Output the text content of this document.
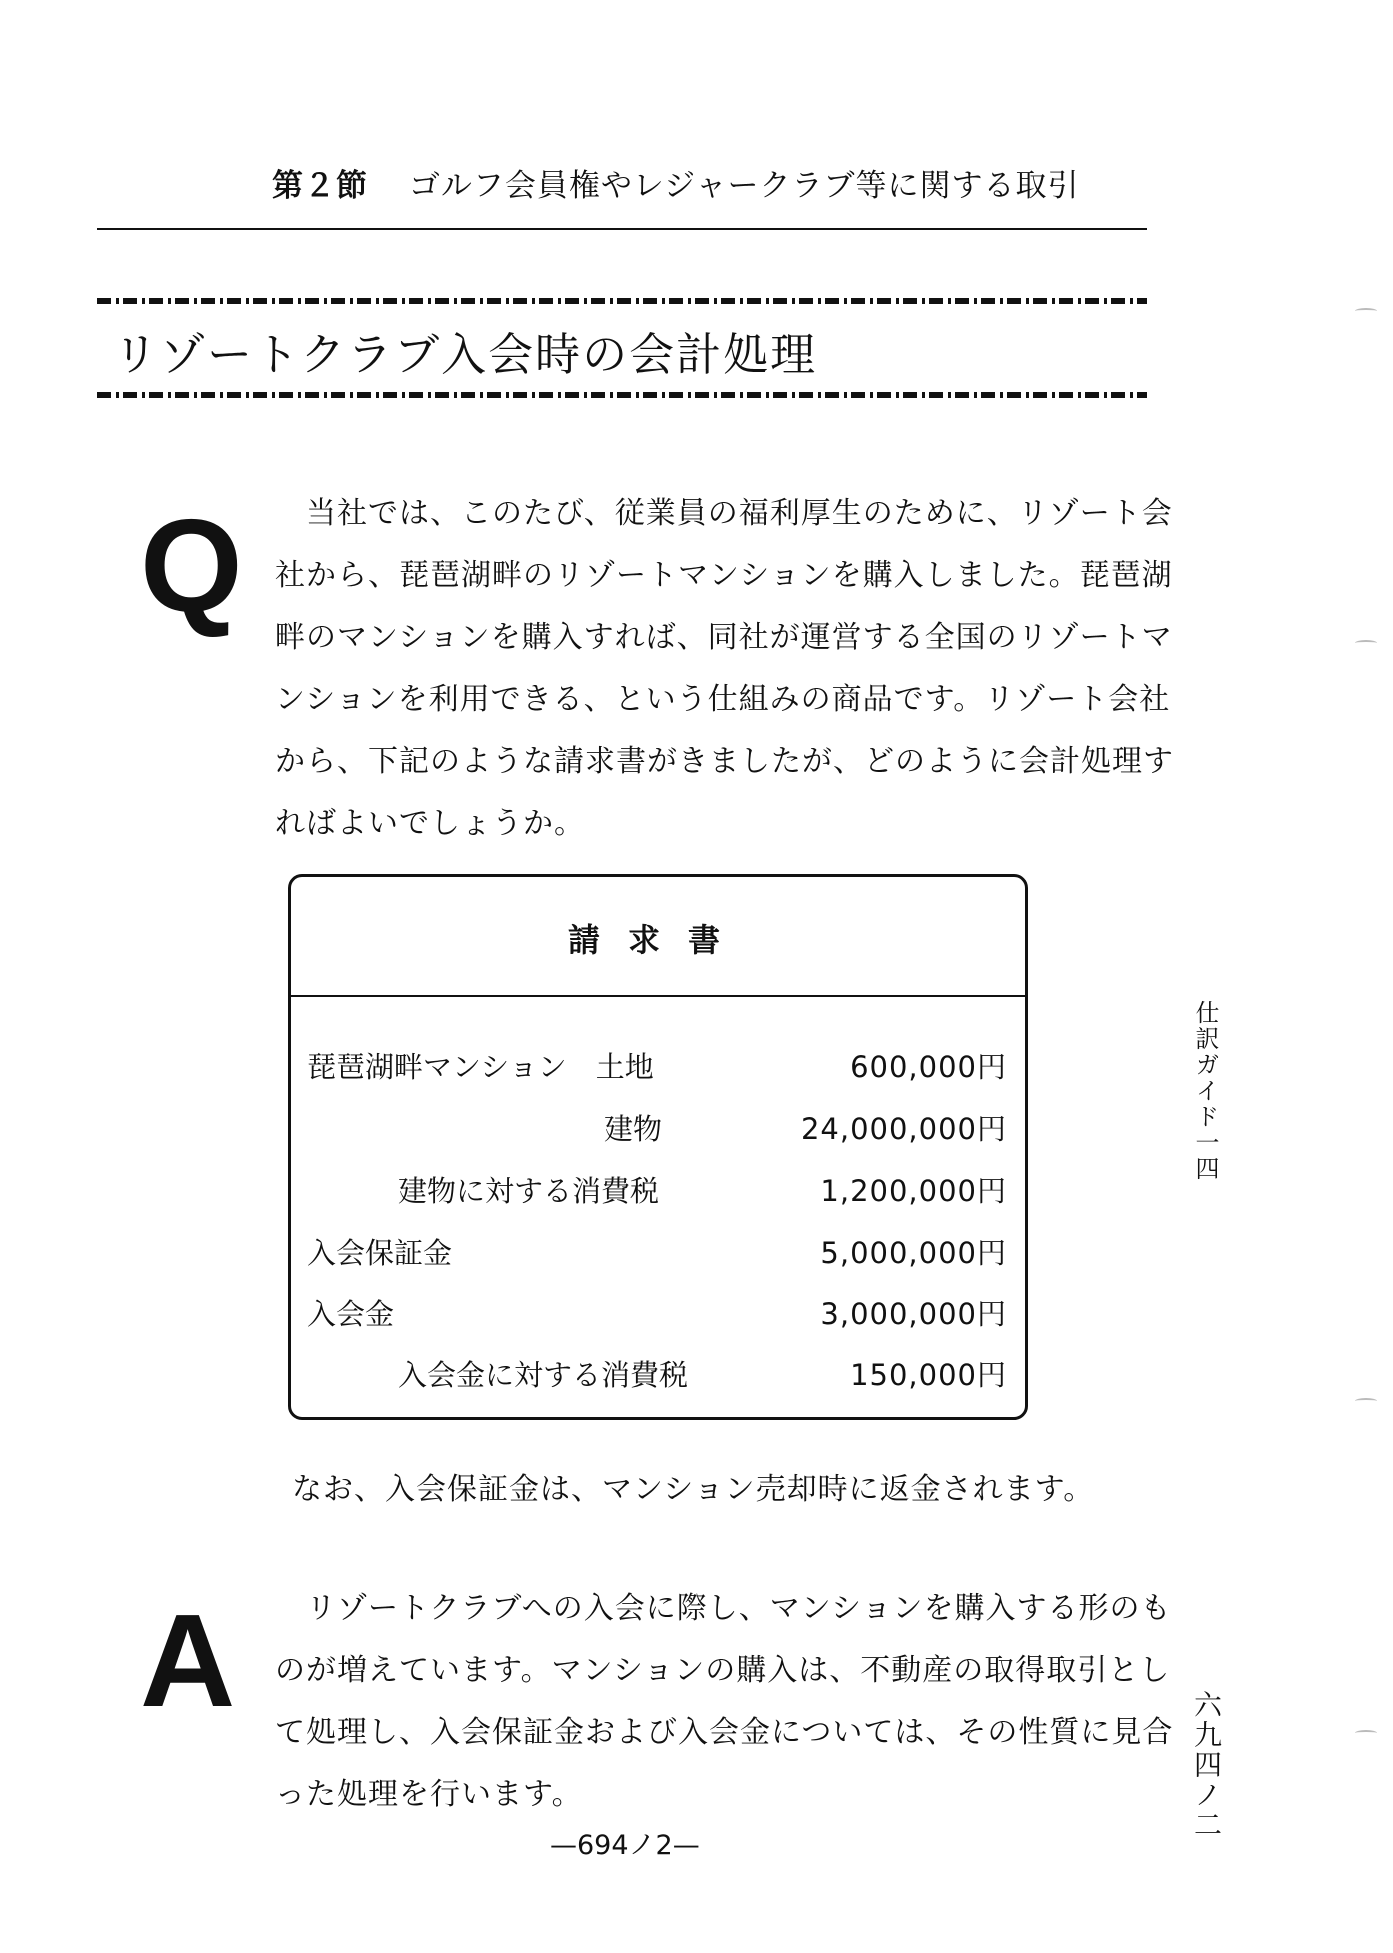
第２節 ゴルフ会員権やレジャークラブ等に関する取引
リゾートクラブ入会時の会計処理
Q 　当社では、このたび、従業員の福利厚生のために、リゾート会
社から、琵琶湖畔のリゾートマンションを購入しました。琵琶湖
畔のマンションを購入すれば、同社が運営する全国のリゾートマ
ンションを利用できる、という仕組みの商品です。リゾート会社
から、下記のような請求書がきましたが、どのように会計処理す
ればよいでしょうか。
請求書
琵琶湖畔マンション　土地	600,000円
建物	24,000,000円
建物に対する消費税	1,200,000円
入会保証金	5,000,000円
入会金	3,000,000円
入会金に対する消費税	150,000円
なお、入会保証金は、マンション売却時に返金されます。
A 　リゾートクラブへの入会に際し、マンションを購入する形のも
のが増えています。マンションの購入は、不動産の取得取引とし
て処理し、入会保証金および入会金については、その性質に見合
った処理を行います。
仕訳ガイド一四
六九四ノ二
—694ノ2—
